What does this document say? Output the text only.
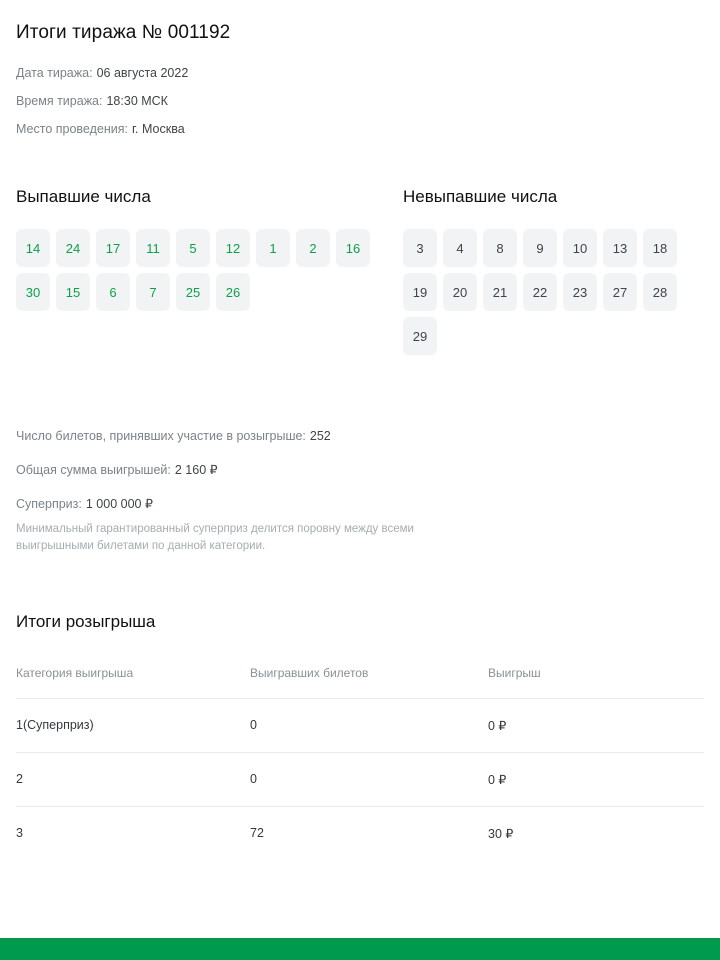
Итоги тиража № 001192
Дата тиража: 06 августа 2022
Время тиража: 18:30 МСК
Место проведения: г. Москва
Выпавшие числа
14	24	17	11	5	12	1	2	16
30	15	6	7	25	26
Невыпавшие числа
3	4	8	9	10	13	18
19	20	21	22	23	27	28
29
Число билетов, принявших участие в розыгрыше: 252
Общая сумма выигрышей: 2 160 ₽
Суперприз: 1 000 000 ₽
Минимальный гарантированный суперприз делится поровну между всеми выигрышными билетами по данной категории.
Итоги розыгрыша
Категория выигрыша	Выигравших билетов	Выигрыш
1(Суперприз)	0	0 ₽
2	0	0 ₽
3	72	30 ₽
